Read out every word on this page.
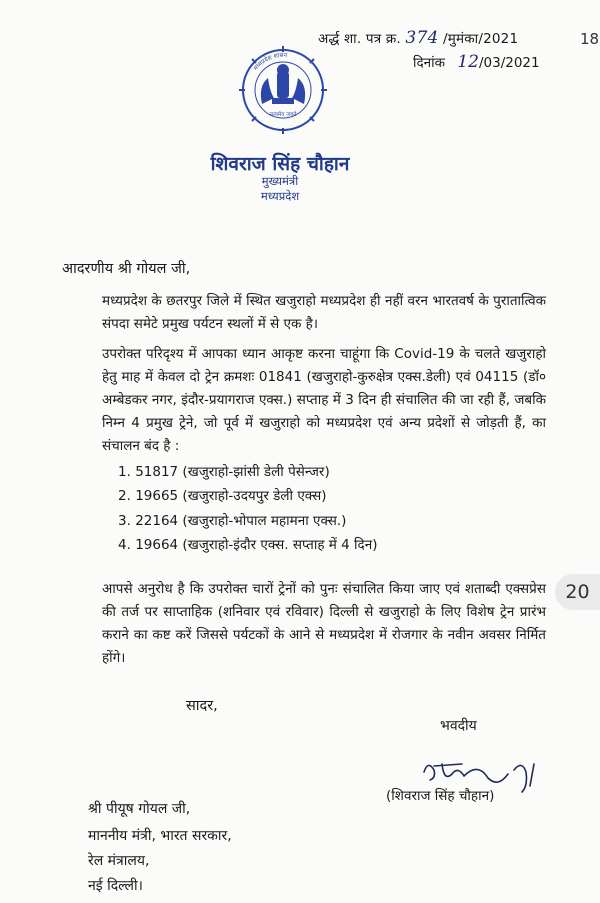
अर्द्ध शा. पत्र क्र. 374 /मुमंका/2021
दिनांक 12/03/2021
18
मध्यप्रदेश शासन
सत्यमेव जयते
शिवराज सिंह चौहान
मुख्यमंत्री
मध्यप्रदेश
आदरणीय श्री गोयल जी,
मध्यप्रदेश के छतरपुर जिले में स्थित खजुराहो मध्यप्रदेश ही नहीं वरन भारतवर्ष के पुरातात्विक संपदा समेटे प्रमुख पर्यटन स्थलों में से एक है।
उपरोक्त परिदृश्य में आपका ध्यान आकृष्ट करना चाहूंगा कि Covid-19 के चलते खजुराहो हेतु माह में केवल दो ट्रेन क्रमशः 01841 (खजुराहो-कुरुक्षेत्र एक्स.डेली) एवं 04115 (डॉ० अम्बेडकर नगर, इंदौर-प्रयागराज एक्स.) सप्ताह में 3 दिन ही संचालित की जा रही हैं, जबकि निम्न 4 प्रमुख ट्रेने, जो पूर्व में खजुराहो को मध्यप्रदेश एवं अन्य प्रदेशों से जोड़ती हैं, का संचालन बंद है :
1. 51817 (खजुराहो-झांसी डेली पेसेन्जर)
2. 19665 (खजुराहो-उदयपुर डेली एक्स)
3. 22164 (खजुराहो-भोपाल महामना एक्स.)
4. 19664 (खजुराहो-इंदौर एक्स. सप्ताह में 4 दिन)
आपसे अनुरोध है कि उपरोक्त चारों ट्रेनों को पुनः संचालित किया जाए एवं शताब्दी एक्सप्रेस की तर्ज पर साप्ताहिक (शनिवार एवं रविवार) दिल्ली से खजुराहो के लिए विशेष ट्रेन प्रारंभ कराने का कष्ट करें जिससे पर्यटकों के आने से मध्यप्रदेश में रोजगार के नवीन अवसर निर्मित होंगे।
20
सादर,
भवदीय
(शिवराज सिंह चौहान)
श्री पीयूष गोयल जी,
माननीय मंत्री, भारत सरकार,
रेल मंत्रालय,
नई दिल्ली।
